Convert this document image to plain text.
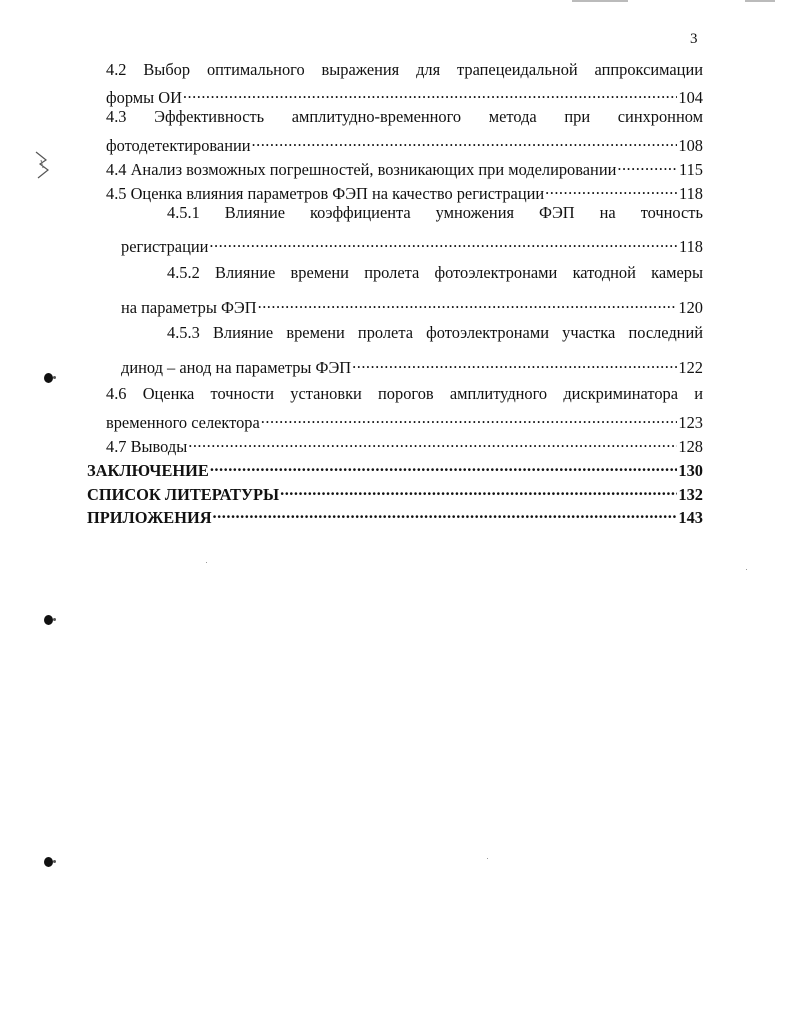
3
4.2 Выбор оптимального выражения для трапецеидальной аппроксимации
формы ОИ .....	104
4.3 Эффективность амплитудно-временного метода при синхронном
фотодетектировании .....	108
4.4 Анализ возможных погрешностей, возникающих при моделировании .....	115
4.5 Оценка влияния параметров ФЭП на качество регистрации .....	118
4.5.1 Влияние коэффициента умножения ФЭП на точность
регистрации .....	118
4.5.2 Влияние времени пролета фотоэлектронами катодной камеры
на параметры ФЭП .....	120
4.5.3 Влияние времени пролета фотоэлектронами участка последний
динод – анод на параметры ФЭП .....	122
4.6 Оценка точности установки порогов амплитудного дискриминатора и
временного селектора .....	123
4.7 Выводы .....	128
ЗАКЛЮЧЕНИЕ .....	130
СПИСОК ЛИТЕРАТУРЫ .....	132
ПРИЛОЖЕНИЯ .....	143
